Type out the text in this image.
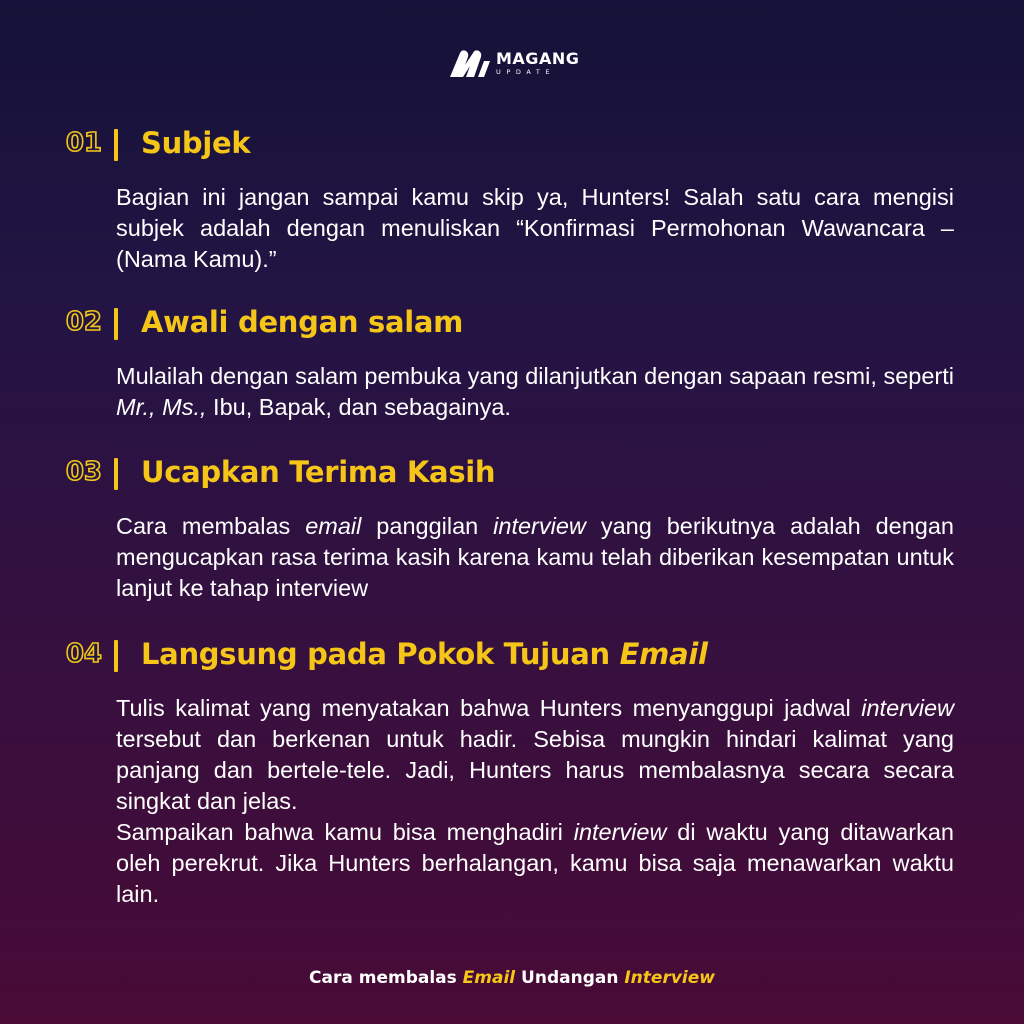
MAGANG
UPDATE
01 Subjek

Bagian ini jangan sampai kamu skip ya, Hunters! Salah satu cara mengisi subjek adalah dengan menuliskan “Konfirmasi Permohonan Wawancara – (Nama Kamu).”

02 Awali dengan salam

Mulailah dengan salam pembuka yang dilanjutkan dengan sapaan resmi, seperti Mr., Ms., Ibu, Bapak, dan sebagainya.

03 Ucapkan Terima Kasih

Cara membalas email panggilan interview yang berikutnya adalah dengan mengucapkan rasa terima kasih karena kamu telah diberikan kesempatan untuk lanjut ke tahap interview

04 Langsung pada Pokok Tujuan Email

Tulis kalimat yang menyatakan bahwa Hunters menyanggupi jadwal interview tersebut dan berkenan untuk hadir. Sebisa mungkin hindari kalimat yang panjang dan bertele-tele. Jadi, Hunters harus membalasnya secara secara singkat dan jelas.

Sampaikan bahwa kamu bisa menghadiri interview di waktu yang ditawarkan oleh perekrut. Jika Hunters berhalangan, kamu bisa saja menawarkan waktu lain.

Cara membalas Email Undangan Interview
